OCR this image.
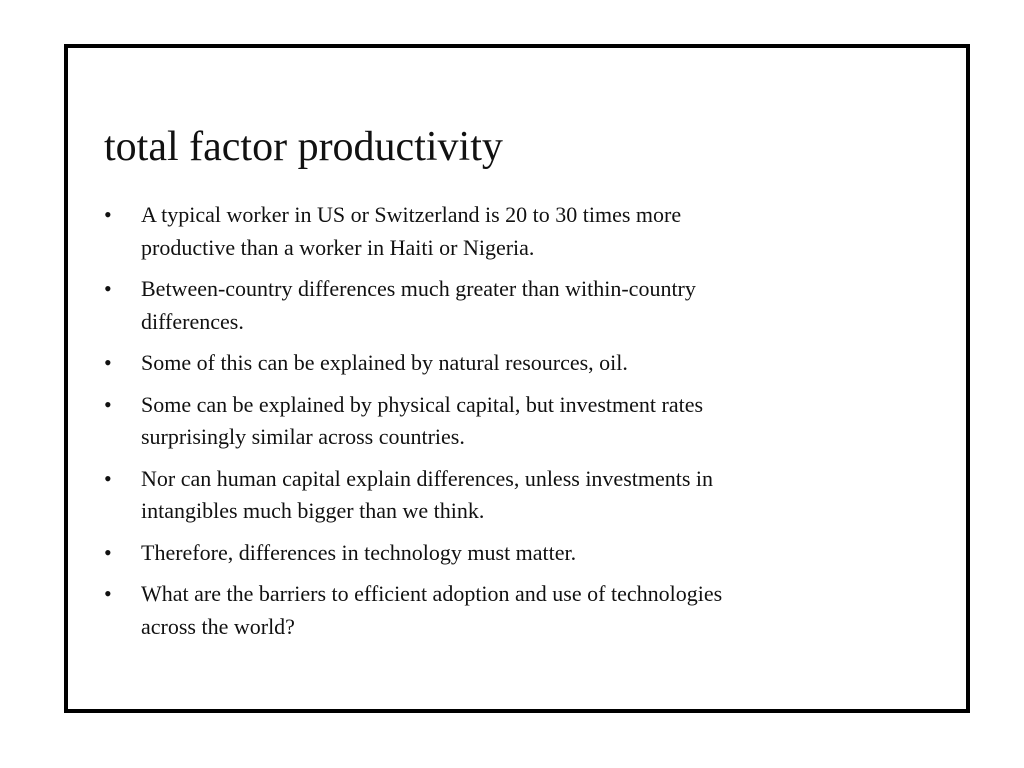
total factor productivity
• A typical worker in US or Switzerland is 20 to 30 times more
productive than a worker in Haiti or Nigeria.
• Between-country differences much greater than within-country
differences.
• Some of this can be explained by natural resources, oil.
• Some can be explained by physical capital, but investment rates
surprisingly similar across countries.
• Nor can human capital explain differences, unless investments in
intangibles much bigger than we think.
• Therefore, differences in technology must matter.
• What are the barriers to efficient adoption and use of technologies
across the world?
